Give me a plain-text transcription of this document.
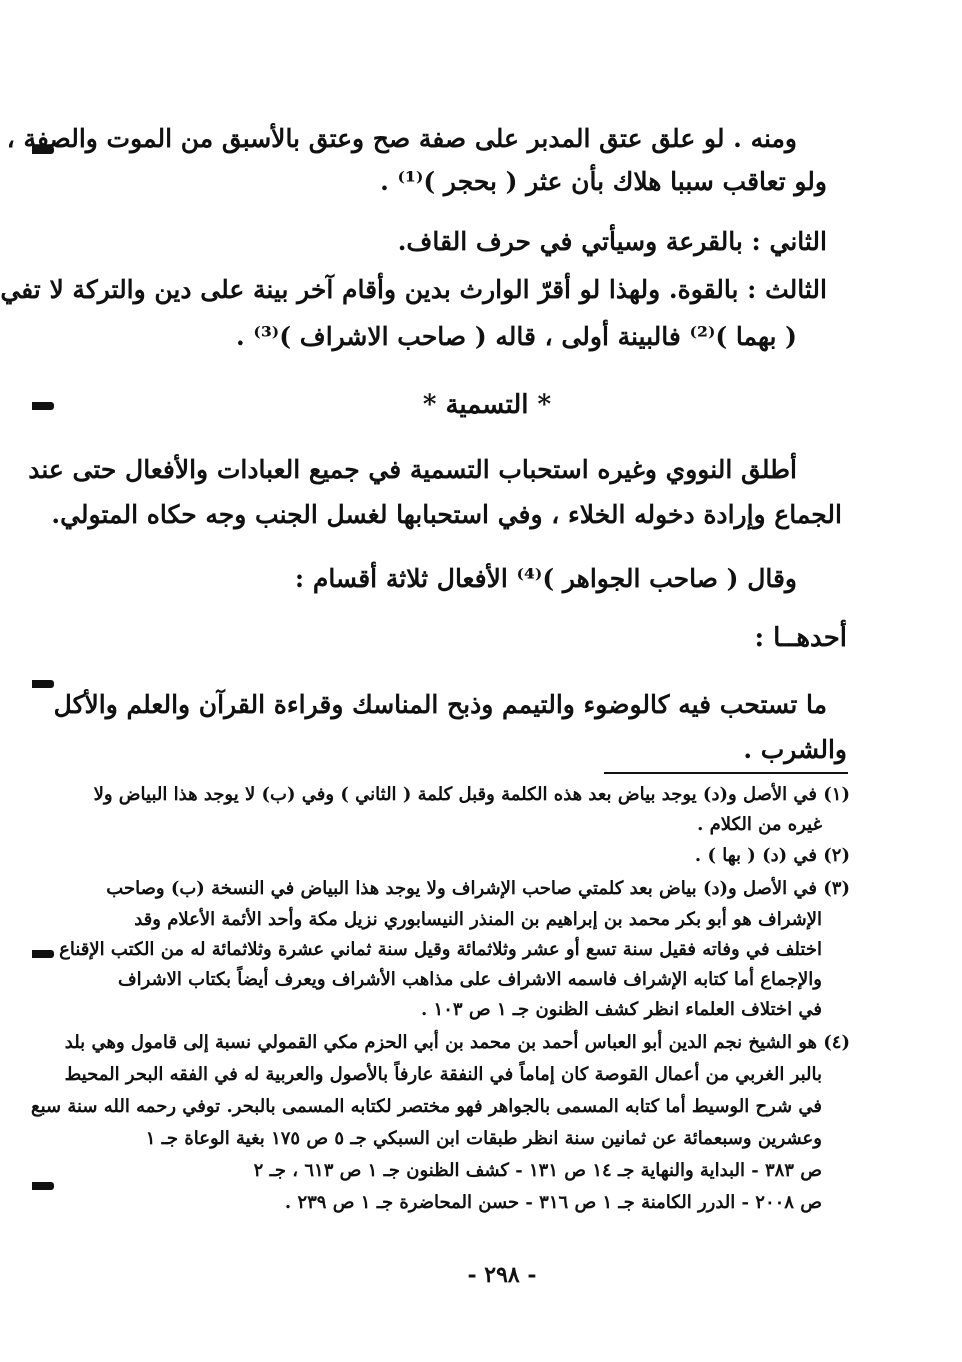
ومنه . لو علق عتق المدبر على صفة صح وعتق بالأسبق من الموت والصفة ،
ولو تعاقب سببا هلاك بأن عثر ( بحجر )⁽¹⁾ .
الثاني : بالقرعة وسيأتي في حرف القاف.
الثالث : بالقوة. ولهذا لو أقرّ الوارث بدين وأقام آخر بينة على دين والتركة لا تفي
( بهما )⁽²⁾ فالبينة أولى ، قاله ( صاحب الاشراف )⁽³⁾ .
* التسمية *
أطلق النووي وغيره استحباب التسمية في جميع العبادات والأفعال حتى عند
الجماع وإرادة دخوله الخلاء ، وفي استحبابها لغسل الجنب وجه حكاه المتولي.
وقال ( صاحب الجواهر )⁽⁴⁾ الأفعال ثلاثة أقسام :
أحدهــا :
ما تستحب فيه كالوضوء والتيمم وذبح المناسك وقراءة القرآن والعلم والأكل
والشرب .
(١) في الأصل و(د) يوجد بياض بعد هذه الكلمة وقبل كلمة ( الثاني ) وفي (ب) لا يوجد هذا البياض ولا
غيره من الكلام .
(٢) في (د) ( بها ) .
(٣) في الأصل و(د) بياض بعد كلمتي صاحب الإشراف ولا يوجد هذا البياض في النسخة (ب) وصاحب
الإشراف هو أبو بكر محمد بن إبراهيم بن المنذر النيسابوري نزيل مكة وأحد الأئمة الأعلام وقد
اختلف في وفاته فقيل سنة تسع أو عشر وثلاثمائة وقيل سنة ثماني عشرة وثلاثمائة له من الكتب الإقناع
والإجماع أما كتابه الإشراف فاسمه الاشراف على مذاهب الأشراف ويعرف أيضاً بكتاب الاشراف
في اختلاف العلماء انظر كشف الظنون جـ ١ ص ١٠٣ .
(٤) هو الشيخ نجم الدين أبو العباس أحمد بن محمد بن أبي الحزم مكي القمولي نسبة إلى قامول وهي بلد
بالبر الغربي من أعمال القوصة كان إماماً في النفقة عارفاً بالأصول والعربية له في الفقه البحر المحيط
في شرح الوسيط أما كتابه المسمى بالجواهر فهو مختصر لكتابه المسمى بالبحر. توفي رحمه الله سنة سبع
وعشرين وسبعمائة عن ثمانين سنة انظر طبقات ابن السبكي جـ ٥ ص ١٧٥ بغية الوعاة جـ ١
ص ٣٨٣ - البداية والنهاية جـ ١٤ ص ١٣١ - كشف الظنون جـ ١ ص ٦١٣ ، جـ ٢
ص ٢٠٠٨ - الدرر الكامنة جـ ١ ص ٣١٦ - حسن المحاضرة جـ ١ ص ٢٣٩ .
- ٢٩٨ -
